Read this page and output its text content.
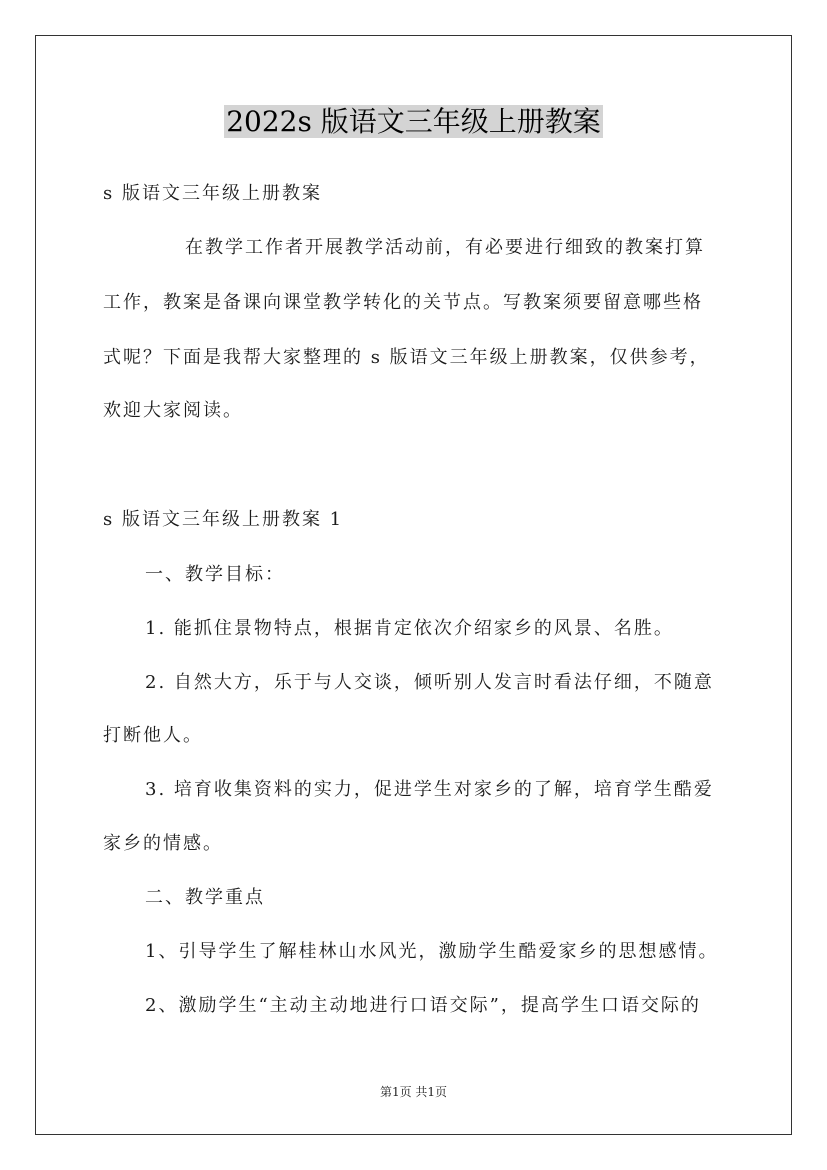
2022s 版语文三年级上册教案
s 版语文三年级上册教案
在教学工作者开展教学活动前，有必要进行细致的教案打算
工作，教案是备课向课堂教学转化的关节点。写教案须要留意哪些格
式呢？下面是我帮大家整理的 s 版语文三年级上册教案，仅供参考，
欢迎大家阅读。
s 版语文三年级上册教案 1
一、教学目标：
1. 能抓住景物特点，根据肯定依次介绍家乡的风景、名胜。
2. 自然大方，乐于与人交谈，倾听别人发言时看法仔细，不随意
打断他人。
3. 培育收集资料的实力，促进学生对家乡的了解，培育学生酷爱
家乡的情感。
二、教学重点
1、引导学生了解桂林山水风光，激励学生酷爱家乡的思想感情。
2、激励学生“主动主动地进行口语交际”，提高学生口语交际的
第1页 共1页
